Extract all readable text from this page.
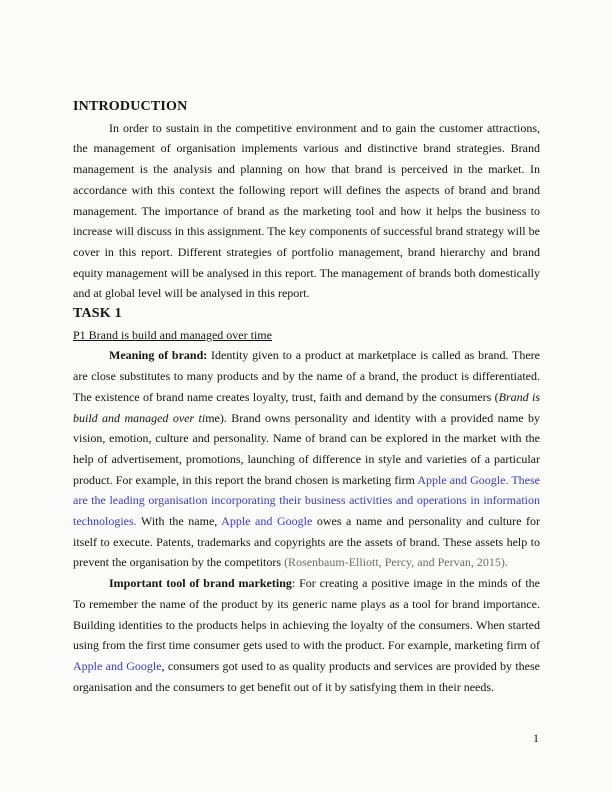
INTRODUCTION

In order to sustain in the competitive environment and to gain the customer attractions, the management of organisation implements various and distinctive brand strategies. Brand management is the analysis and planning on how that brand is perceived in the market. In accordance with this context the following report will defines the aspects of brand and brand management. The importance of brand as the marketing tool and how it helps the business to increase will discuss in this assignment. The key components of successful brand strategy will be cover in this report. Different strategies of portfolio management, brand hierarchy and brand equity management will be analysed in this report. The management of brands both domestically and at global level will be analysed in this report.

TASK 1
P1 Brand is build and managed over time

Meaning of brand: Identity given to a product at marketplace is called as brand. There are close substitutes to many products and by the name of a brand, the product is differentiated. The existence of brand name creates loyalty, trust, faith and demand by the consumers (Brand is build and managed over time). Brand owns personality and identity with a provided name by vision, emotion, culture and personality. Name of brand can be explored in the market with the help of advertisement, promotions, launching of difference in style and varieties of a particular product. For example, in this report the brand chosen is marketing firm Apple and Google. These are the leading organisation incorporating their business activities and operations in information technologies. With the name, Apple and Google owes a name and personality and culture for itself to execute. Patents, trademarks and copyrights are the assets of brand. These assets help to prevent the organisation by the competitors (Rosenbaum-Elliott, Percy, and Pervan, 2015).

Important tool of brand marketing: For creating a positive image in the minds of the To remember the name of the product by its generic name plays as a tool for brand importance. Building identities to the products helps in achieving the loyalty of the consumers. When started using from the first time consumer gets used to with the product. For example, marketing firm of Apple and Google, consumers got used to as quality products and services are provided by these organisation and the consumers to get benefit out of it by satisfying them in their needs.

1
